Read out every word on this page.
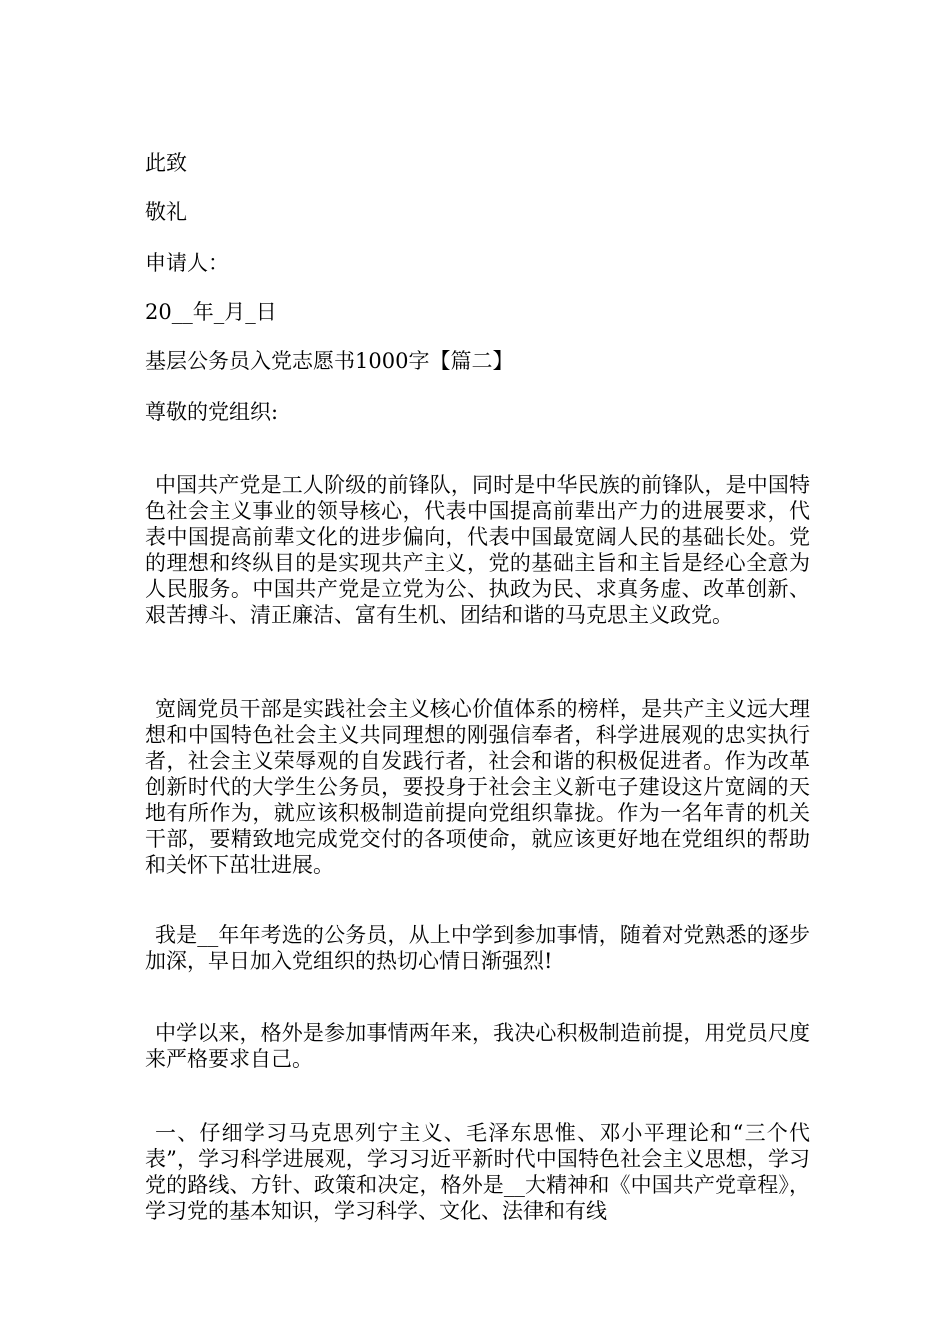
此致
敬礼
申请人：
20__年_月_日
基层公务员入党志愿书1000字【篇二】
尊敬的党组织:
中国共产党是工人阶级的前锋队，同时是中华民族的前锋队，是中国特色社会主义事业的领导核心，代表中国提高前辈出产力的进展要求，代表中国提高前辈文化的进步偏向，代表中国最宽阔人民的基础长处。党的理想和终纵目的是实现共产主义，党的基础主旨和主旨是经心全意为人民服务。中国共产党是立党为公、执政为民、求真务虚、改革创新、艰苦搏斗、清正廉洁、富有生机、团结和谐的马克思主义政党。
宽阔党员干部是实践社会主义核心价值体系的榜样，是共产主义远大理想和中国特色社会主义共同理想的刚强信奉者，科学进展观的忠实执行者，社会主义荣辱观的自发践行者，社会和谐的积极促进者。作为改革创新时代的大学生公务员，要投身于社会主义新屯子建设这片宽阔的天地有所作为，就应该积极制造前提向党组织靠拢。作为一名年青的机关干部，要精致地完成党交付的各项使命，就应该更好地在党组织的帮助和关怀下茁壮进展。
我是__年年考选的公务员，从上中学到参加事情，随着对党熟悉的逐步加深，早日加入党组织的热切心情日渐强烈!
中学以来，格外是参加事情两年来，我决心积极制造前提，用党员尺度来严格要求自己。
一、仔细学习马克思列宁主义、毛泽东思惟、邓小平理论和“三个代表”，学习科学进展观，学习习近平新时代中国特色社会主义思想，学习党的路线、方针、政策和决定，格外是__大精神和《中国共产党章程》，学习党的基本知识，学习科学、文化、法律和有线
